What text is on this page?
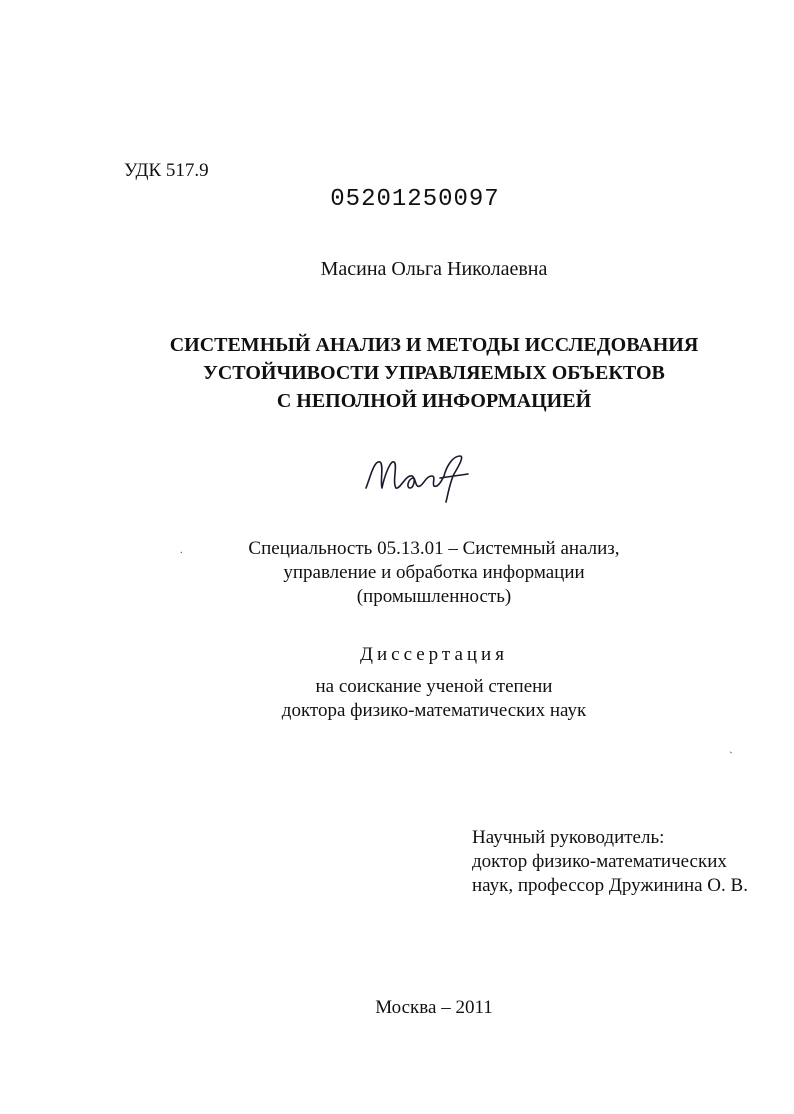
УДК 517.9
05201250097
Масина Ольга Николаевна
СИСТЕМНЫЙ АНАЛИЗ И МЕТОДЫ ИССЛЕДОВАНИЯ
УСТОЙЧИВОСТИ УПРАВЛЯЕМЫХ ОБЪЕКТОВ
С НЕПОЛНОЙ ИНФОРМАЦИЕЙ
.	Специальность 05.13.01 – Системный анализ,
управление и обработка информации
(промышленность)
Диссертация
на соискание ученой степени
доктора физико-математических наук
ˏ
Научный руководитель:
доктор физико-математических
наук, профессор Дружинина О. В.
Москва – 2011
